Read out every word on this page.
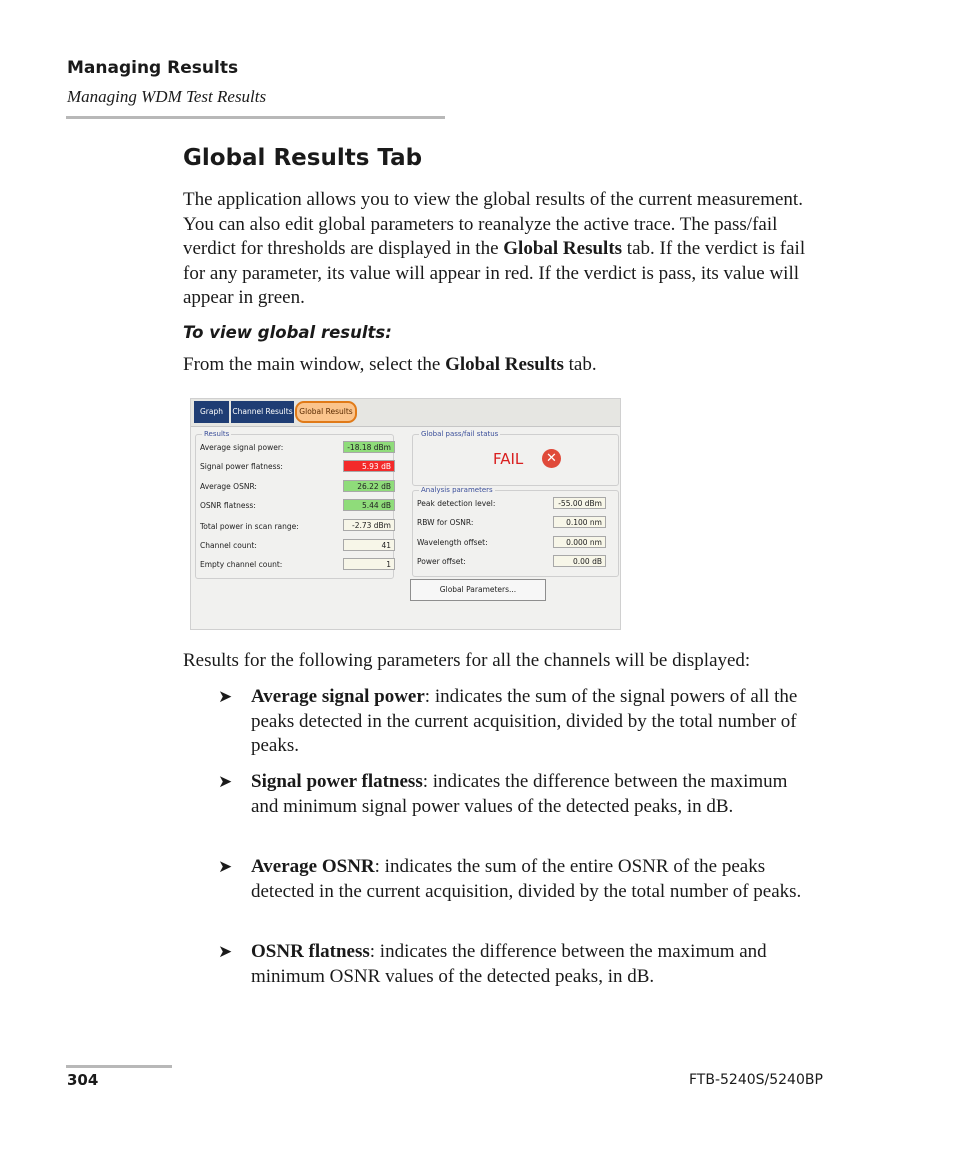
Managing Results
Managing WDM Test Results
Global Results Tab
The application allows you to view the global results of the current measurement. You can also edit global parameters to reanalyze the active trace. The pass/fail verdict for thresholds are displayed in the Global Results tab. If the verdict is fail for any parameter, its value will appear in red. If the verdict is pass, its value will appear in green.
To view global results:
From the main window, select the Global Results tab.
Graph	Channel Results Global Results
Results
Average signal power:	-18.18 dBm
Signal power flatness:	5.93 dB
Average OSNR:	26.22 dB
OSNR flatness:	5.44 dB
Total power in scan range:	-2.73 dBm
Channel count:	41
Empty channel count:	1
Global pass/fail status
FAIL	✕
Analysis parameters
Peak detection level:	-55.00 dBm
RBW for OSNR:	0.100 nm
Wavelength offset:	0.000 nm
Power offset:	0.00 dB
Global Parameters...
Results for the following parameters for all the channels will be displayed:
➤ Average signal power: indicates the sum of the signal powers of all the peaks detected in the current acquisition, divided by the total number of peaks.
➤ Signal power flatness: indicates the difference between the maximum and minimum signal power values of the detected peaks, in dB.
➤ Average OSNR: indicates the sum of the entire OSNR of the peaks detected in the current acquisition, divided by the total number of peaks.
➤ OSNR flatness: indicates the difference between the maximum and minimum OSNR values of the detected peaks, in dB.
304	FTB-5240S/5240BP
